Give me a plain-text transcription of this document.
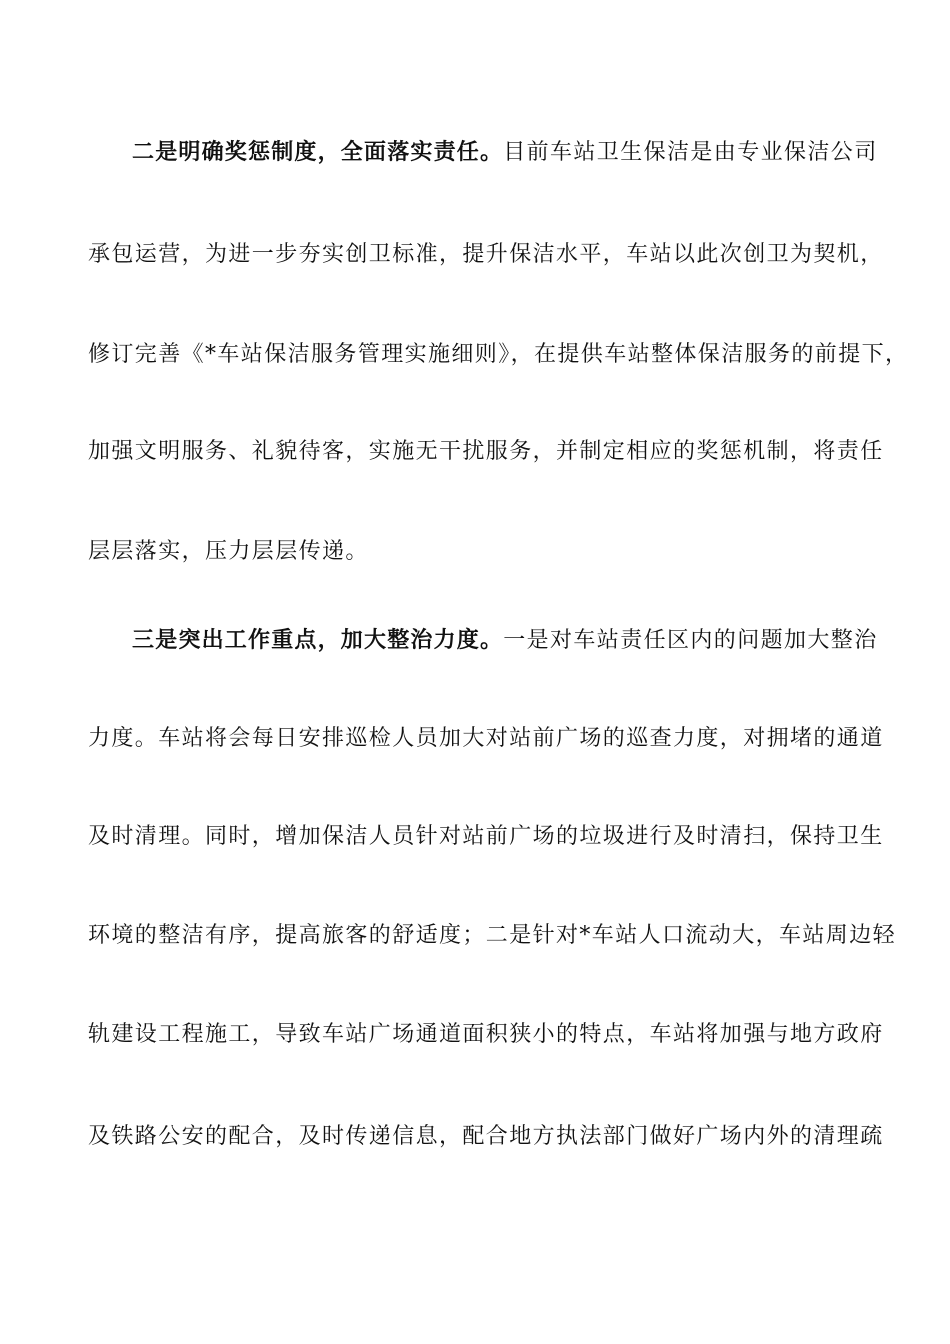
二是明确奖惩制度，全面落实责任。目前车站卫生保洁是由专业保洁公司
承包运营，为进一步夯实创卫标准，提升保洁水平，车站以此次创卫为契机，
修订完善《*车站保洁服务管理实施细则》，在提供车站整体保洁服务的前提下，
加强文明服务、礼貌待客，实施无干扰服务，并制定相应的奖惩机制，将责任
层层落实，压力层层传递。
三是突出工作重点，加大整治力度。一是对车站责任区内的问题加大整治
力度。车站将会每日安排巡检人员加大对站前广场的巡查力度，对拥堵的通道
及时清理。同时，增加保洁人员针对站前广场的垃圾进行及时清扫，保持卫生
环境的整洁有序，提高旅客的舒适度；二是针对*车站人口流动大，车站周边轻
轨建设工程施工，导致车站广场通道面积狭小的特点，车站将加强与地方政府
及铁路公安的配合，及时传递信息，配合地方执法部门做好广场内外的清理疏
